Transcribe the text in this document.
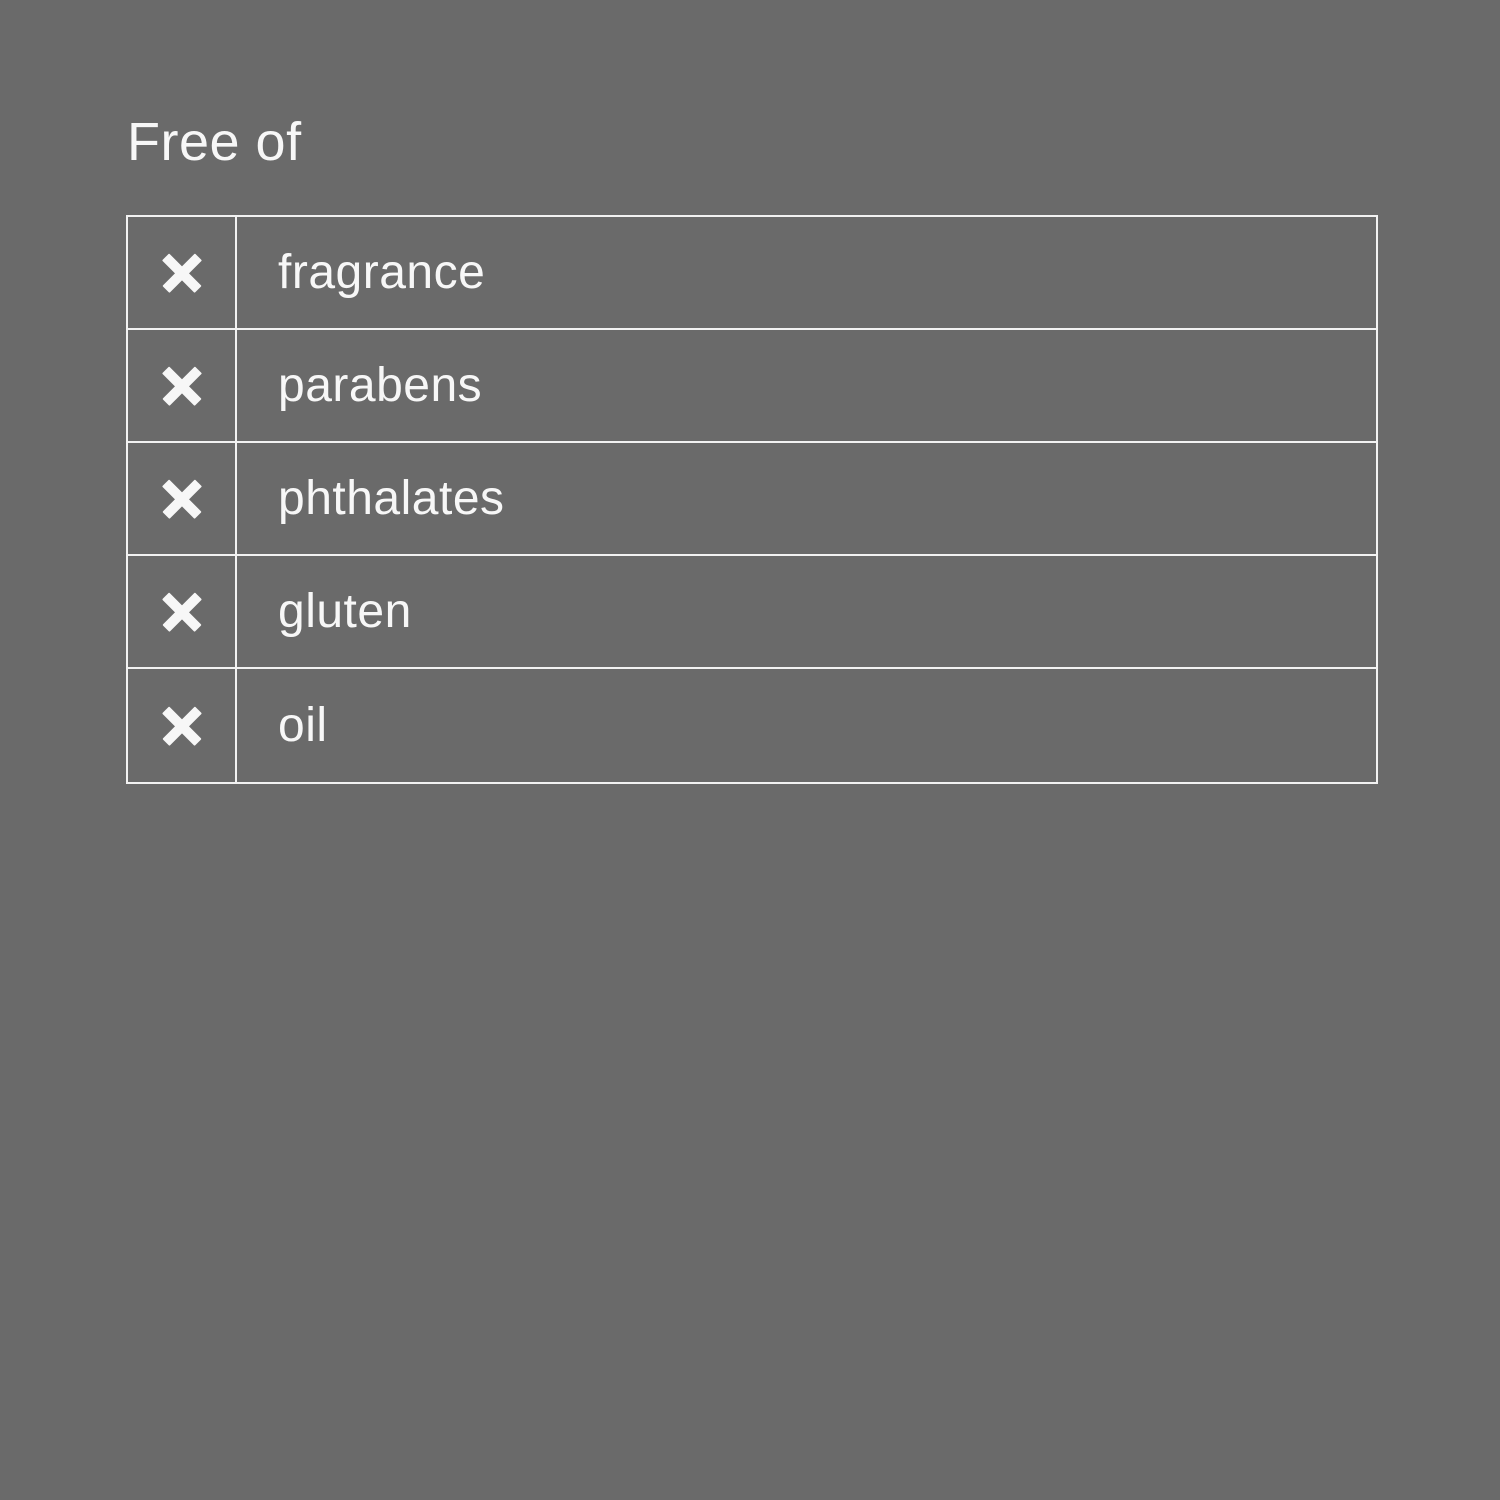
Free of
fragrance
parabens
phthalates
gluten
oil
